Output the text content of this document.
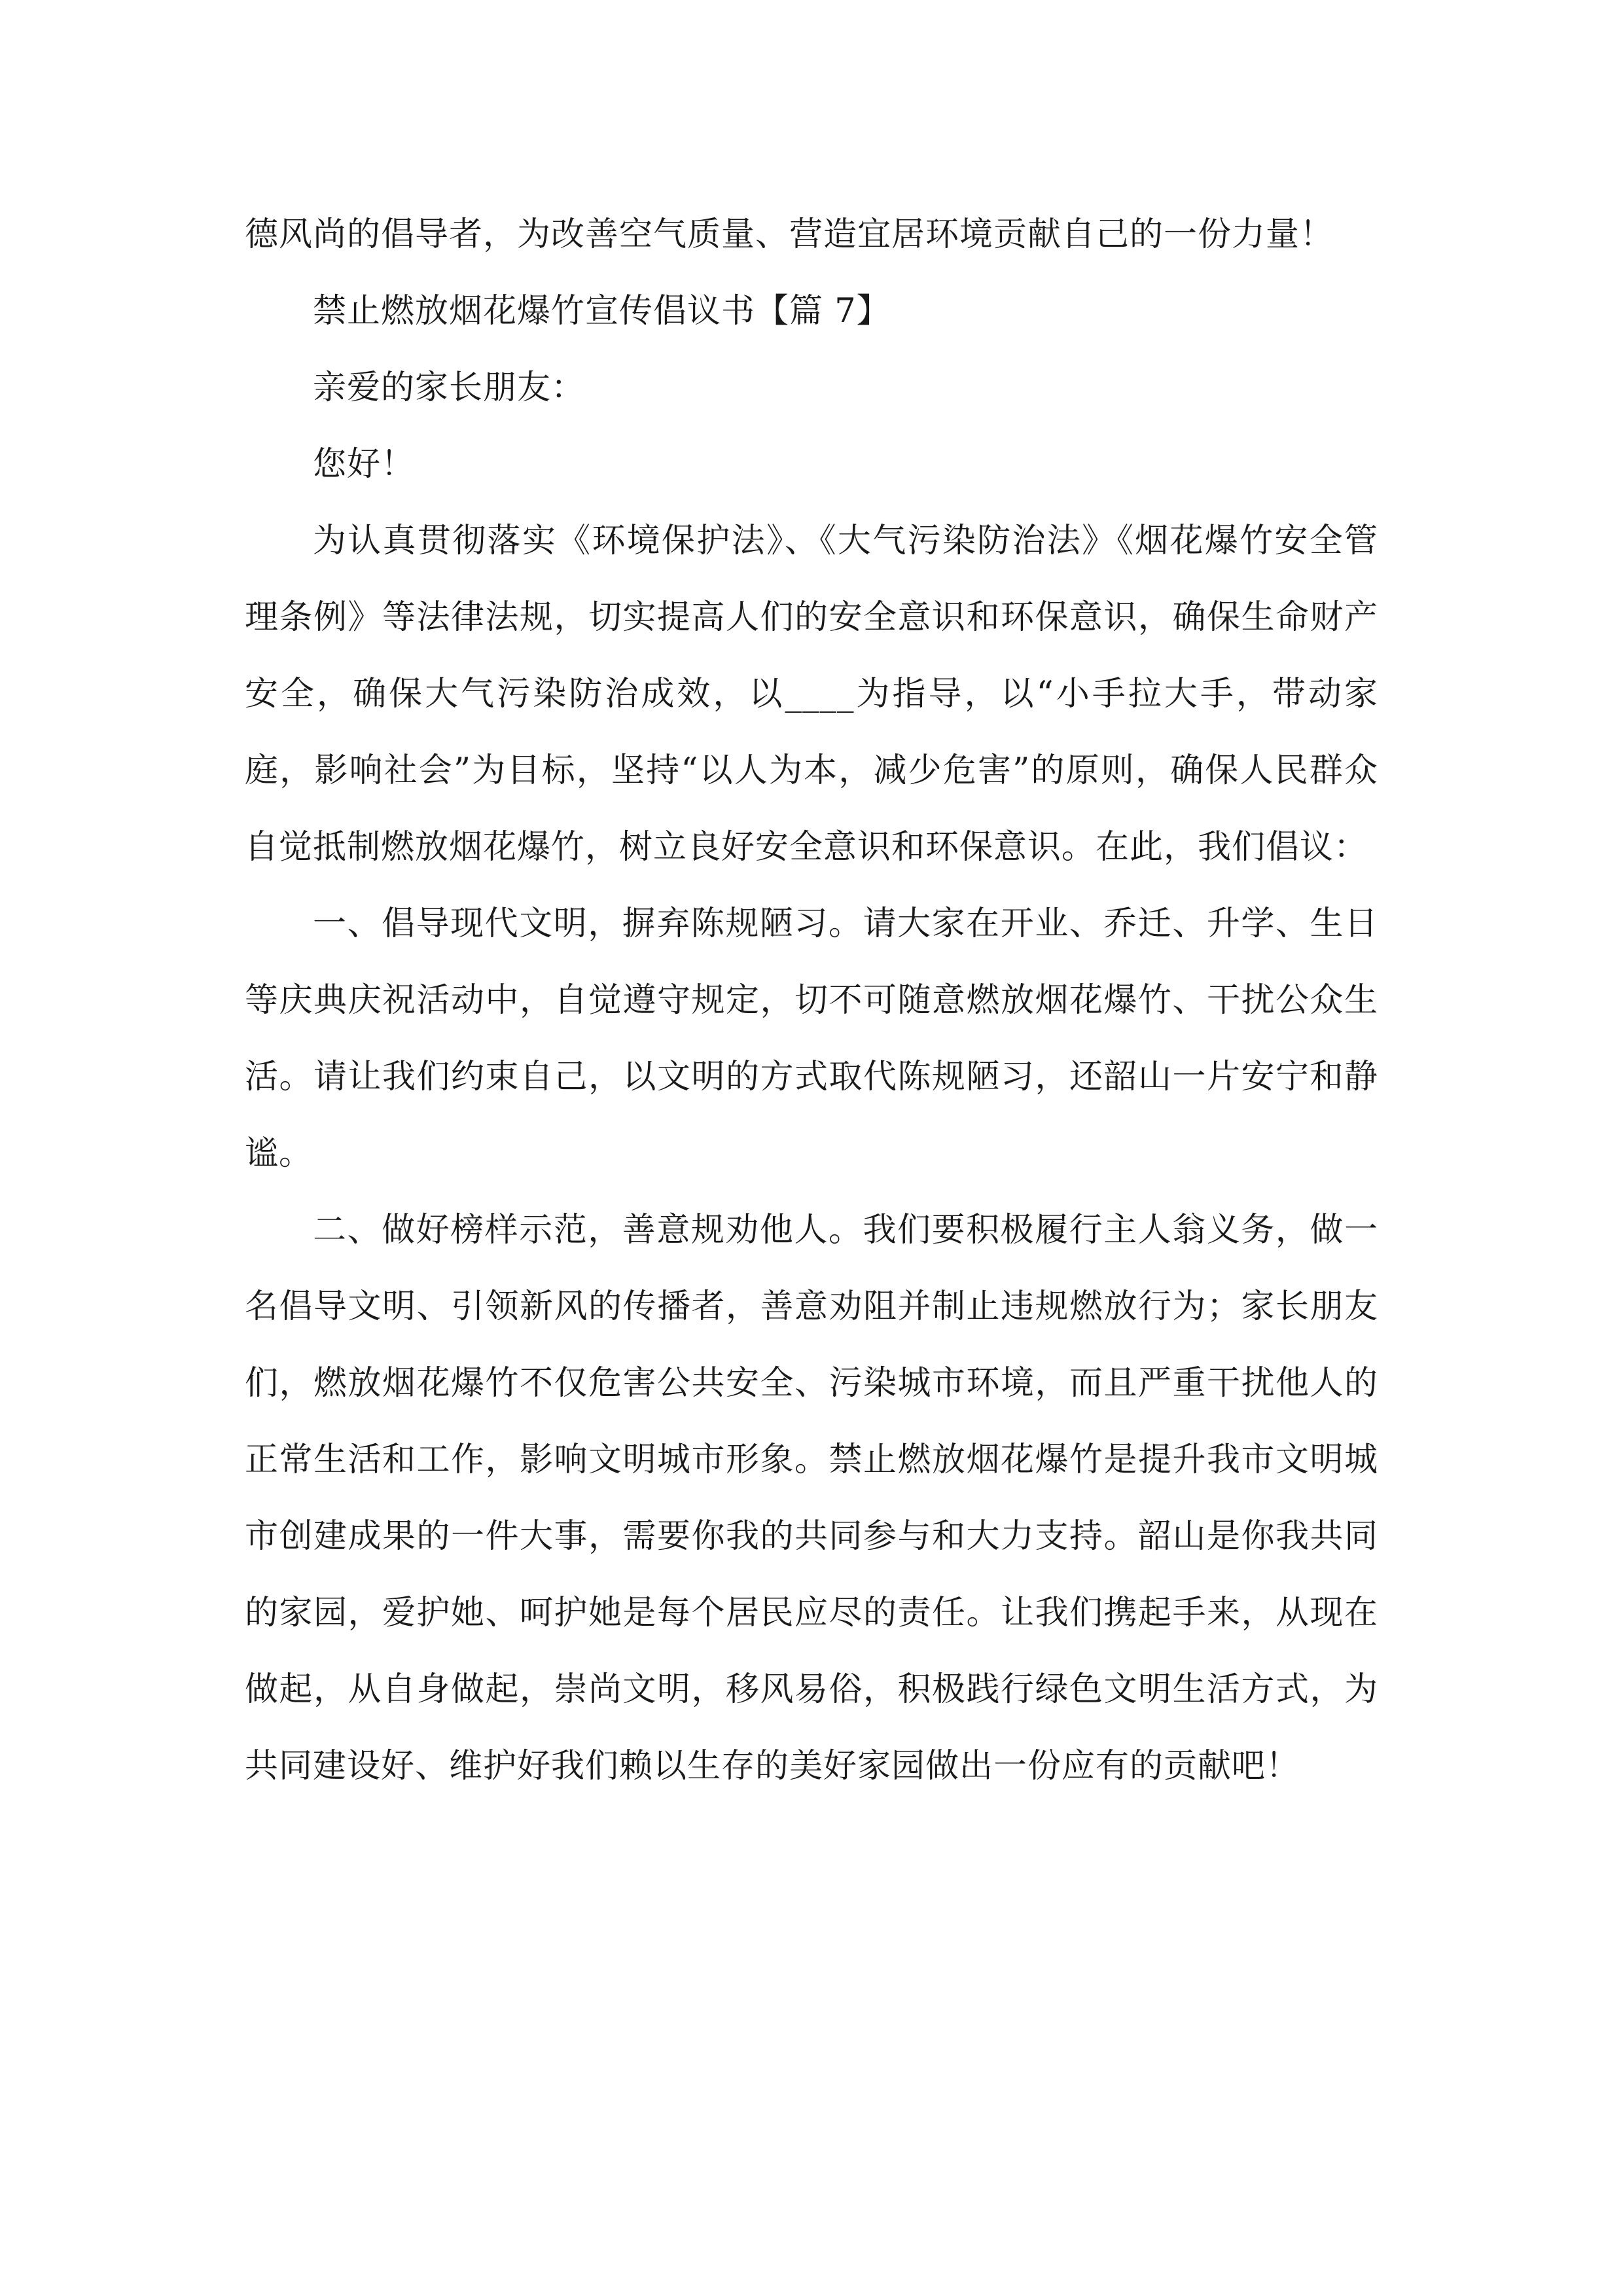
德风尚的倡导者，为改善空气质量、营造宜居环境贡献自己的一份力量！

禁止燃放烟花爆竹宣传倡议书【篇 7】

亲爱的家长朋友：

您好！

为认真贯彻落实《环境保护法》、《大气污染防治法》《烟花爆竹安全管理条例》等法律法规，切实提高人们的安全意识和环保意识，确保生命财产安全，确保大气污染防治成效，以____为指导，以“小手拉大手，带动家庭，影响社会”为目标，坚持“以人为本，减少危害”的原则，确保人民群众自觉抵制燃放烟花爆竹，树立良好安全意识和环保意识。在此，我们倡议：

一、倡导现代文明，摒弃陈规陋习。请大家在开业、乔迁、升学、生日等庆典庆祝活动中，自觉遵守规定，切不可随意燃放烟花爆竹、干扰公众生活。请让我们约束自己，以文明的方式取代陈规陋习，还韶山一片安宁和静谧。

二、做好榜样示范，善意规劝他人。我们要积极履行主人翁义务，做一名倡导文明、引领新风的传播者，善意劝阻并制止违规燃放行为；家长朋友们，燃放烟花爆竹不仅危害公共安全、污染城市环境，而且严重干扰他人的正常生活和工作，影响文明城市形象。禁止燃放烟花爆竹是提升我市文明城市创建成果的一件大事，需要你我的共同参与和大力支持。韶山是你我共同的家园，爱护她、呵护她是每个居民应尽的责任。让我们携起手来，从现在做起，从自身做起，崇尚文明，移风易俗，积极践行绿色文明生活方式，为共同建设好、维护好我们赖以生存的美好家园做出一份应有的贡献吧！
